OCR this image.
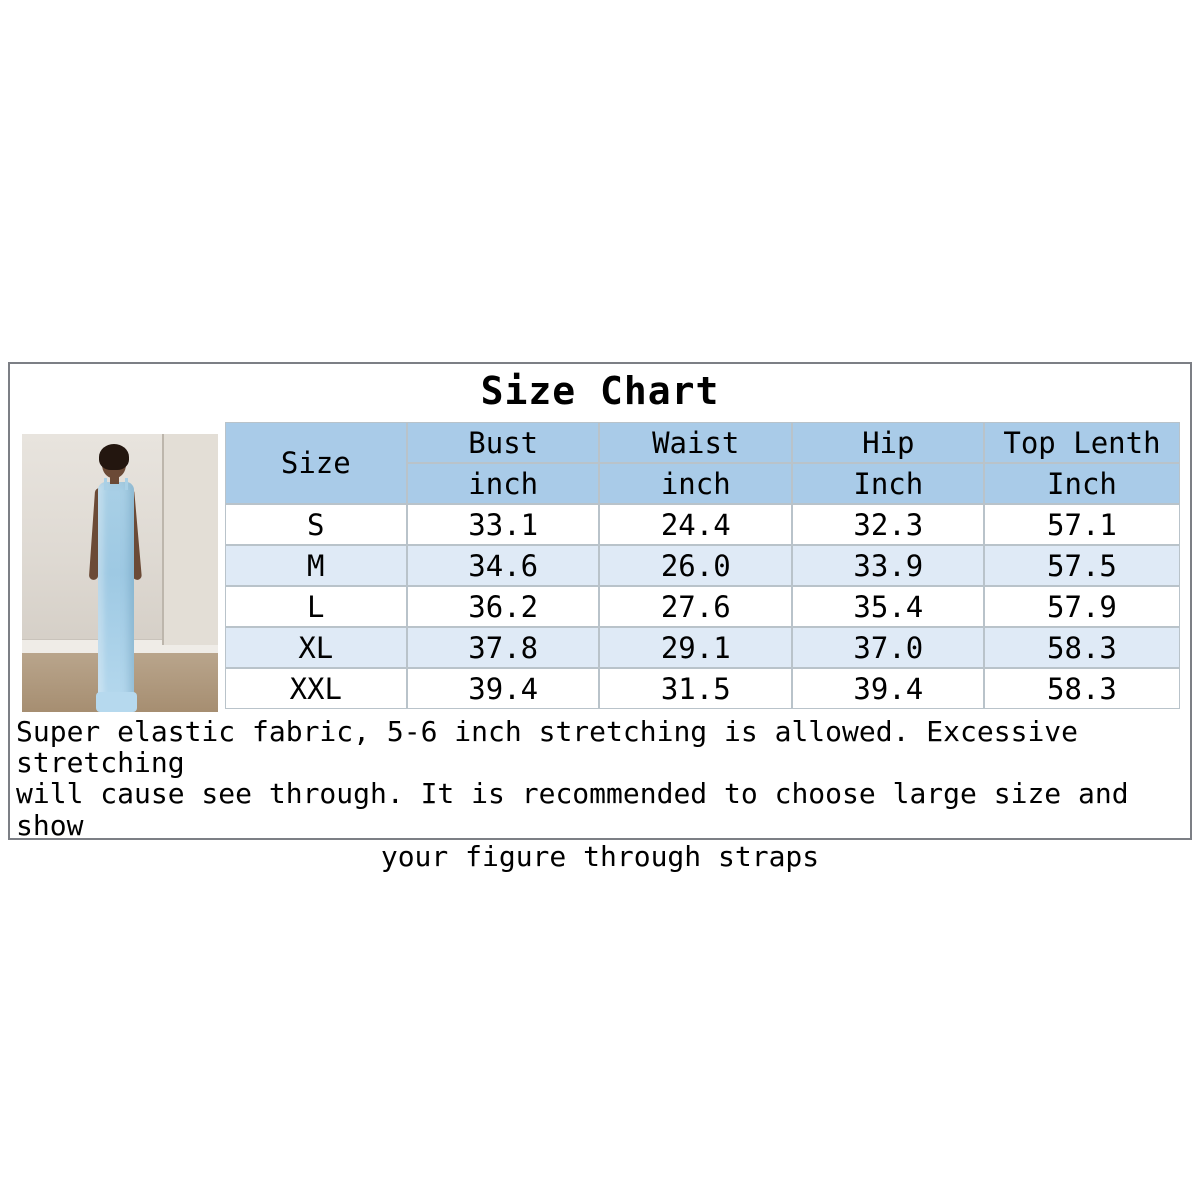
Size Chart
Size	Bust	Waist	Hip	Top Lenth
	inch	inch	Inch	Inch
S	33.1	24.4	32.3	57.1
M	34.6	26.0	33.9	57.5
L	36.2	27.6	35.4	57.9
XL	37.8	29.1	37.0	58.3
XXL	39.4	31.5	39.4	58.3

Super elastic fabric, 5-6 inch stretching is allowed. Excessive stretching
will cause see through. It is recommended to choose large size and show
your figure through straps
